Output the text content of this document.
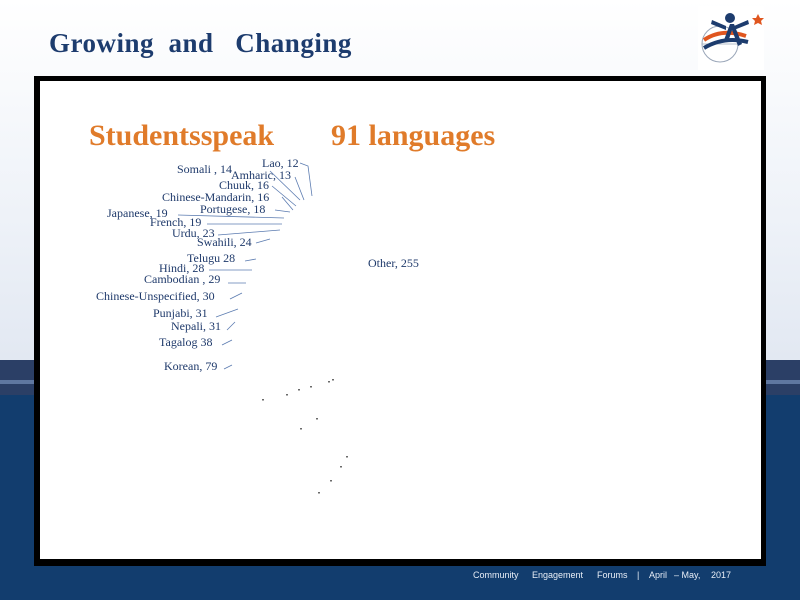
Growing  and   Changing
Studentsspeak 91 languages
Lao, 12
Somali , 14
Amharic, 13
Chuuk, 16
Chinese-Mandarin, 16
Portugese, 18
Japanese, 19
French, 19
Urdu, 23
Swahili, 24
Telugu 28
Hindi, 28
Cambodian , 29
Chinese-Unspecified, 30
Punjabi, 31
Nepali, 31
Tagalog 38
Korean, 79
Other, 255
Community Engagement Forums | April – May, 2017
